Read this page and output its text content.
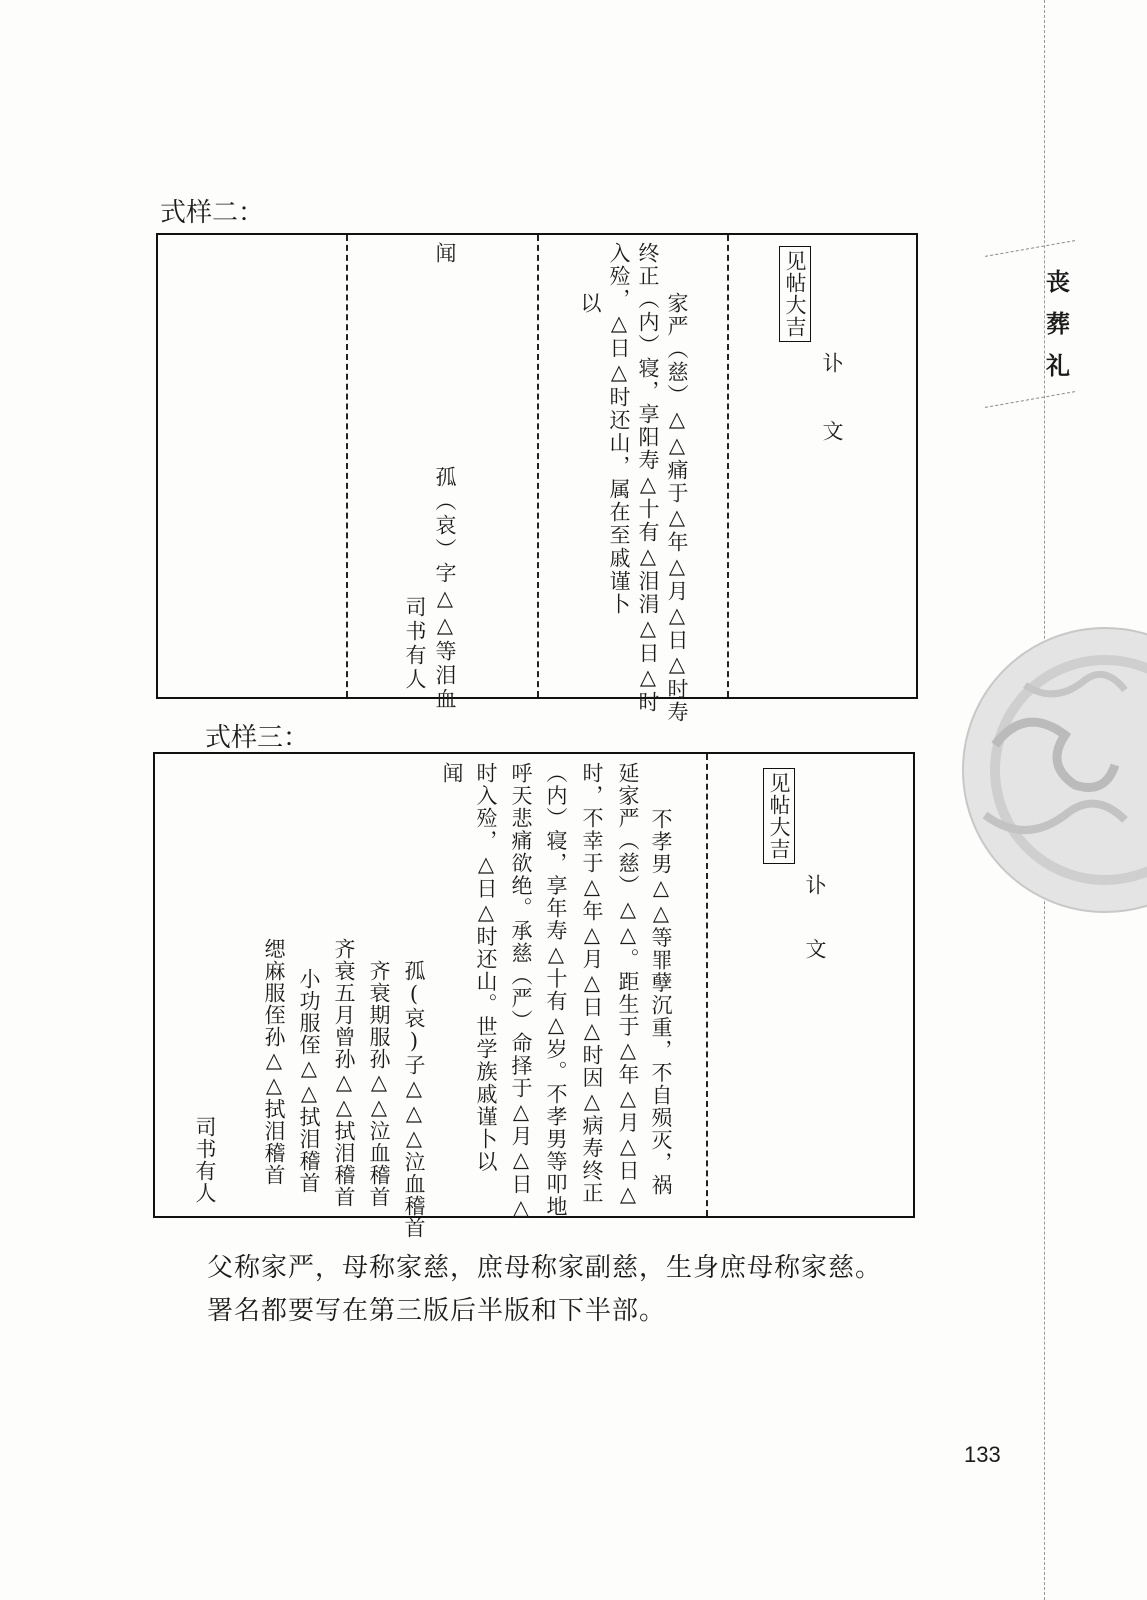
丧
葬
礼
式样二：
见帖大吉
讣
文
家严（慈）△△痛于△年△月△日△时寿
终正（内）寝，享阳寿△十有△泪涓△日△时
入殓，△日△时还山，属在至戚谨卜
以
闻
孤（哀）字△△等泪血
司书有人
式样三：
见帖大吉
讣
文
不孝男△△等罪孽沉重，不自殒灭，祸
延家严（慈）△△。距生于△年△月△日△
时，不幸于△年△月△日△时因△病寿终正
（内）寝，享年寿△十有△岁。不孝男等叩地
呼天悲痛欲绝。承慈（严）命择于△月△日△
时入殓，△日△时还山。世学族戚谨卜以
闻
孤(哀)子△△△泣血稽首
齐衰期服孙△△泣血稽首
齐衰五月曾孙△△拭泪稽首
小功服侄△△拭泪稽首
缌麻服侄孙△△拭泪稽首
司书有人
父称家严，母称家慈，庶母称家副慈，生身庶母称家慈。
署名都要写在第三版后半版和下半部。
133
